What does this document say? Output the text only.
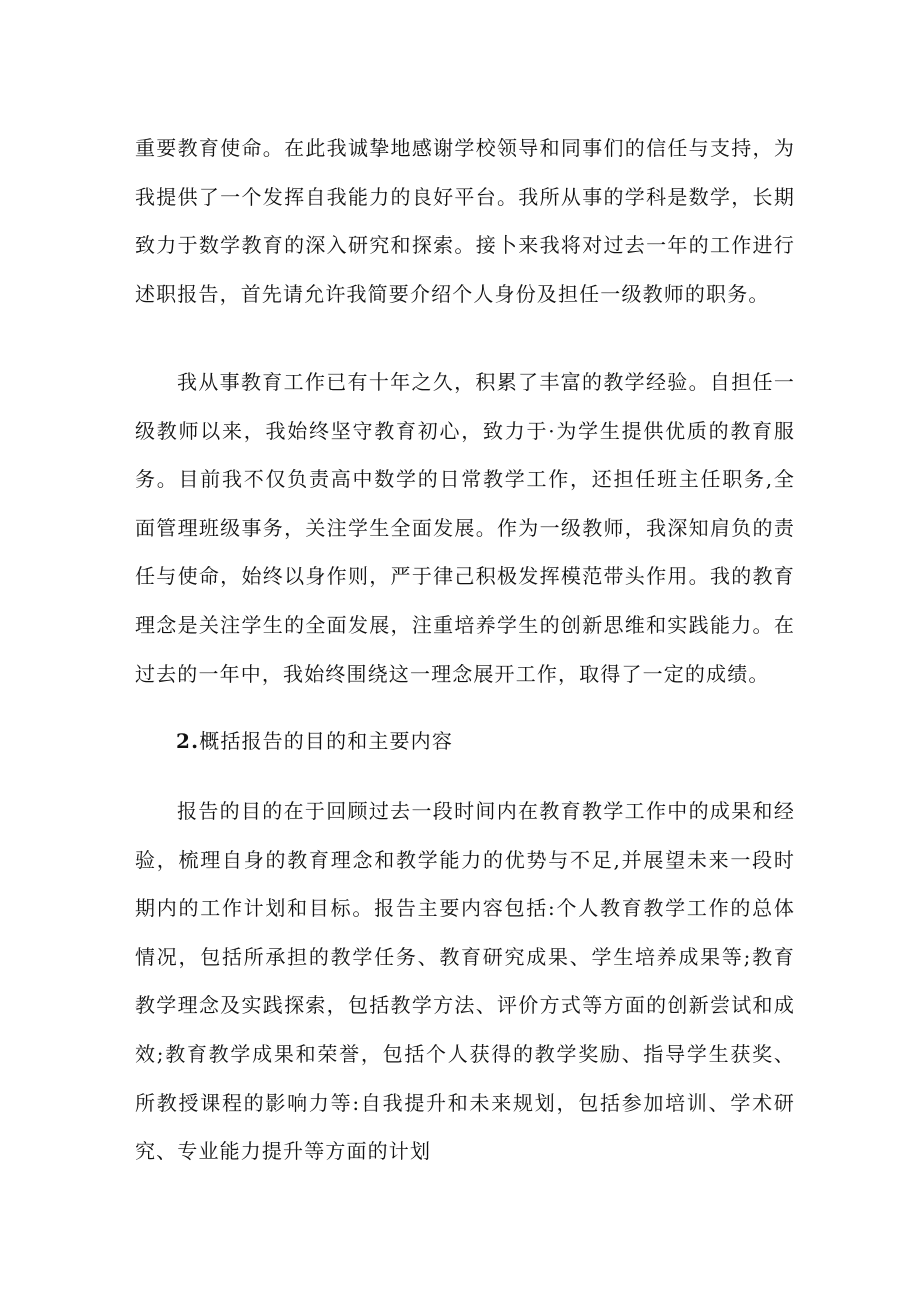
重要教育使命。在此我诚挚地感谢学校领导和同事们的信任与支持，为我提供了一个发挥自我能力的良好平台。我所从事的学科是数学，长期致力于数学教育的深入研究和探索。接卜来我将对过去一年的工作进行述职报告，首先请允许我简要介绍个人身份及担任一级教师的职务。

我从事教育工作已有十年之久，积累了丰富的教学经验。自担任一级教师以来，我始终坚守教育初心，致力于·为学生提供优质的教育服务。目前我不仅负责高中数学的日常教学工作，还担任班主任职务,全面管理班级事务，关注学生全面发展。作为一级教师，我深知肩负的责任与使命，始终以身作则，严于律己积极发挥模范带头作用。我的教育理念是关注学生的全面发展，注重培养学生的创新思维和实践能力。在过去的一年中，我始终围绕这一理念展开工作，取得了一定的成绩。

2.概括报告的目的和主要内容

报告的目的在于回顾过去一段时间内在教育教学工作中的成果和经验，梳理自身的教育理念和教学能力的优势与不足,并展望未来一段时期内的工作计划和目标。报告主要内容包括:个人教育教学工作的总体情况，包括所承担的教学任务、教育研究成果、学生培养成果等;教育教学理念及实践探索，包括教学方法、评价方式等方面的创新尝试和成效;教育教学成果和荣誉，包括个人获得的教学奖励、指导学生获奖、所教授课程的影响力等:自我提升和未来规划，包括参加培训、学术研究、专业能力提升等方面的计划
